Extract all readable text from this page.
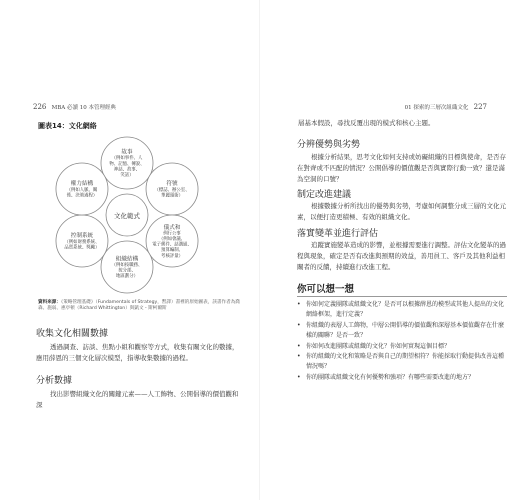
226 MBA 必讀 10 本管理經典
圖表14：文化網絡
文化範式
故事
（例如事件、人
物、記憶、傳說、
神話、故事、
笑話）
符號
（標誌、辦公室、
華麗頭銜）
儀式和
例行公事
（例如會議、
電子郵件、話溝通、
預算編制、
考核評量）
組織結構
（例如按職務、
按分部、
地區劃分）
控制系統
（例如財務系統、
品質系統、獎勵）
權力結構
（例如人脈、關
係、決策過程）
資料來源：《策略管理基礎》（Fundamentals of Strategy，暫譯）書裡的原始圖表，該書作者為喬森、施弱、惠亭頓（Richard Whittington）與凱文・斯柯爾斯
收集文化相關數據
透過調查、訪談、焦點小組和觀察等方式，收集有關文化的數據，應用薛恩的三個文化層次模型，指導收集數據的過程。
分析數據
找出影響組織文化的關鍵元素——人工飾物、公開倡導的價值觀和深
01 探索的三層次組織文化 227
層基本假設，尋找反覆出現的模式和核心主題。
分辨優勢與劣勢
根據分析結果，思考文化如何支持或妨礙組織的目標與使命，是否存在對齊或不匹配的情況？公開倡導的價值觀是否與實際行動一致？還是滿為空洞的口號？
制定改進建議
根據數據分析所找出的優勢與劣勢，考慮如何調整分成三層的文化元素，以便打造更積極、有效的組織文化。
落實變革並進行評估
追蹤實施變革造成的影響，並根據需要進行調整。評估文化變革的過程與現象，確定是否有改進與預期的效益，善用員工、客戶及其他利益相關者的反饋，持續進行改進工程。
你可以想一想
• 你如何定義團隊或組織文化？是否可以根據薛恩的模型或其他人提出的文化網絡框架，進行定義？
• 你組織的表層人工飾物，中層公開倡導的價值觀和深層基本價值觀存在什麼樣的關聯？是否一致？
• 你如何改進團隊或組織的文化？你如何實現這個目標？
• 你的組織的文化和策略是否與自己的期望相符？你能採取行動提供改善這種情況嗎？
• 你的團隊或組織文化有何優勢和強項？有哪些需要改進的地方？
